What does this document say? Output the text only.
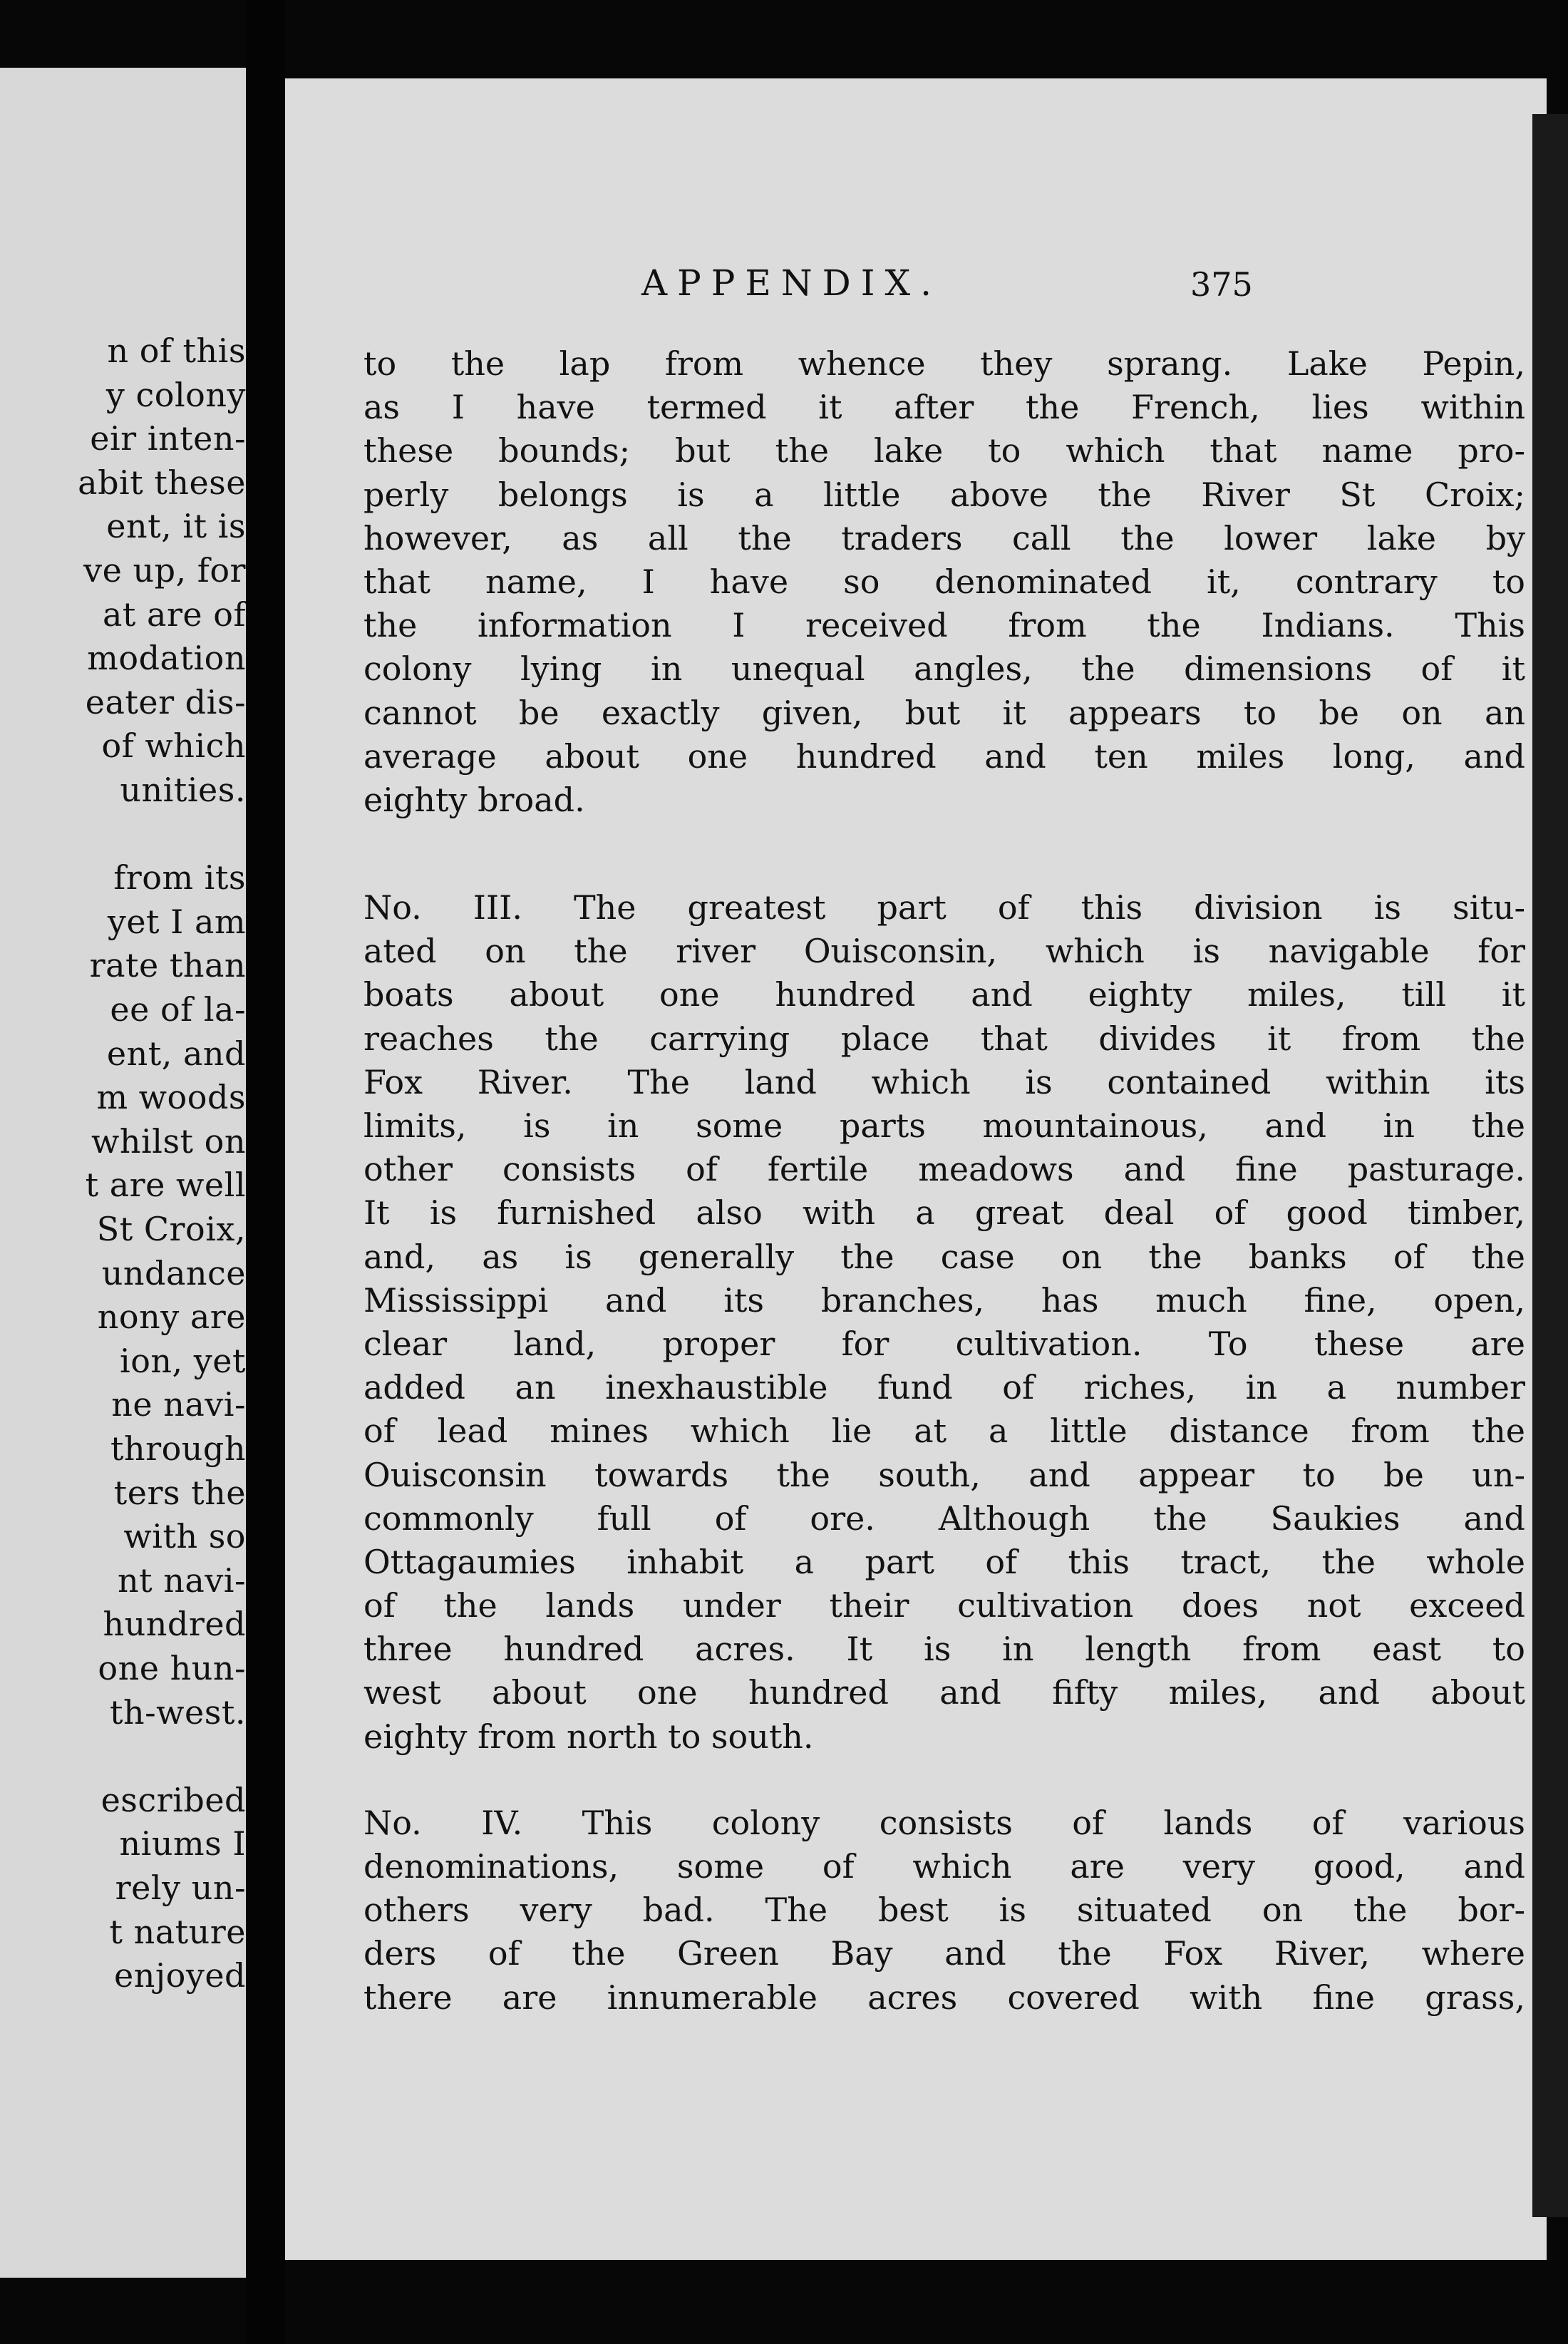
n of this
y colony
eir inten-
abit these
ent, it is
ve up, for
at are of
modation
eater dis-
of which
unities.
from its
yet I am
rate than
ee of la-
ent, and
m woods
whilst on
t are well
St Croix,
undance
nony are
ion, yet
ne navi-
through
ters the
with so
nt navi-
hundred
one hun-
th-west.
escribed
niums I
rely un-
t nature
enjoyed
APPENDIX.	375
to the lap from whence they sprang. Lake Pepin,
as I have termed it after the French, lies within
these bounds; but the lake to which that name pro-
perly belongs is a little above the River St Croix;
however, as all the traders call the lower lake by
that name, I have so denominated it, contrary to
the information I received from the Indians. This
colony lying in unequal angles, the dimensions of it
cannot be exactly given, but it appears to be on an
average about one hundred and ten miles long, and
eighty broad.
No. III. The greatest part of this division is situ-
ated on the river Ouisconsin, which is navigable for
boats about one hundred and eighty miles, till it
reaches the carrying place that divides it from the
Fox River. The land which is contained within its
limits, is in some parts mountainous, and in the
other consists of fertile meadows and fine pasturage.
It is furnished also with a great deal of good timber,
and, as is generally the case on the banks of the
Mississippi and its branches, has much fine, open,
clear land, proper for cultivation. To these are
added an inexhaustible fund of riches, in a number
of lead mines which lie at a little distance from the
Ouisconsin towards the south, and appear to be un-
commonly full of ore. Although the Saukies and
Ottagaumies inhabit a part of this tract, the whole
of the lands under their cultivation does not exceed
three hundred acres. It is in length from east to
west about one hundred and fifty miles, and about
eighty from north to south.
No. IV. This colony consists of lands of various
denominations, some of which are very good, and
others very bad. The best is situated on the bor-
ders of the Green Bay and the Fox River, where
there are innumerable acres covered with fine grass,
